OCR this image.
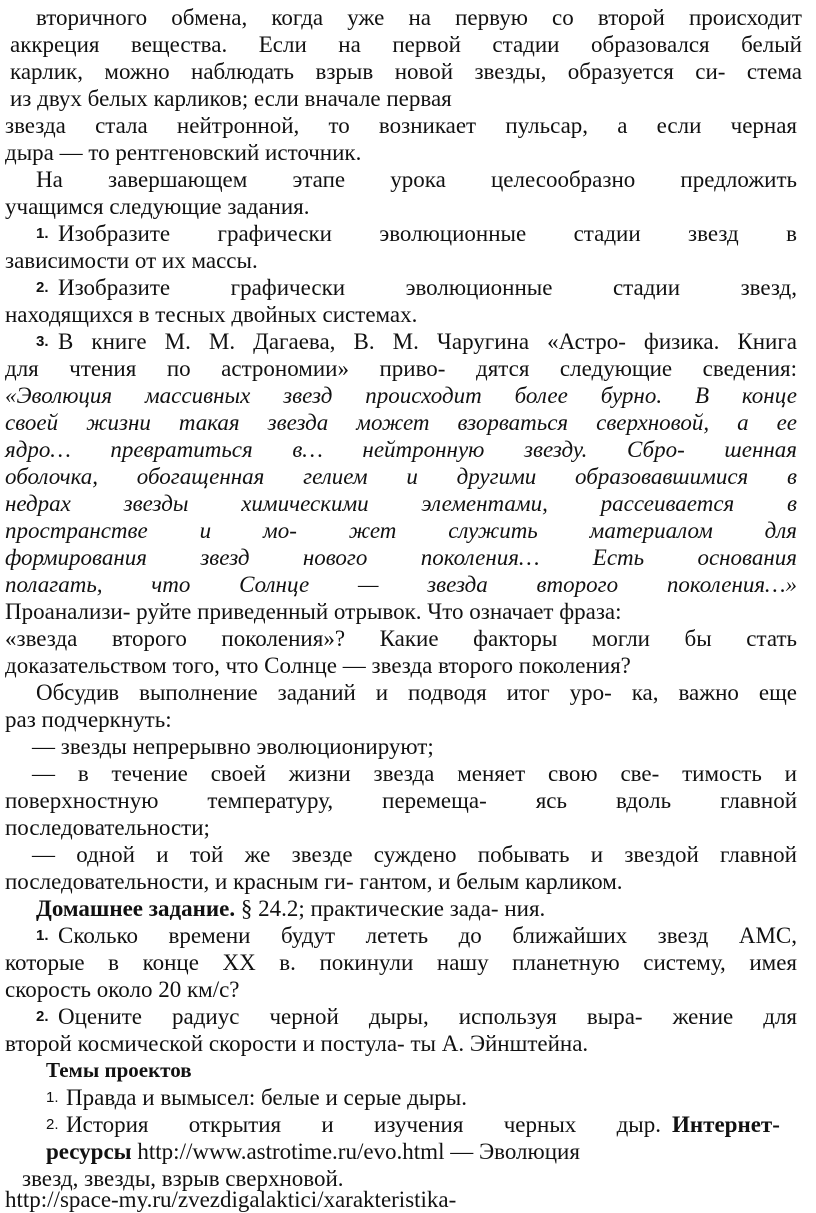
вторичного обмена, когда уже на первую со второй происходит
аккреция вещества. Если на первой стадии образовался белый
карлик, можно наблюдать взрыв новой звезды, образуется си- стема
из двух белых карликов; если вначале первая
звезда стала нейтронной, то возникает пульсар, а если черная
дыра — то рентгеновский источник.
На завершающем этапе урока целесообразно предложить
учащимся следующие задания.
1. Изобразите графически эволюционные стадии звезд в
зависимости от их массы.
2. Изобразите графически эволюционные стадии звезд,
находящихся в тесных двойных системах.
3. В книге М. М. Дагаева, В. М. Чаругина «Астро- физика. Книга
для чтения по астрономии» приво- дятся следующие сведения:
«Эволюция массивных звезд происходит более бурно. В конце
своей жизни такая звезда может взорваться сверхновой, а ее
ядро… превратиться в… нейтронную звезду. Сбро- шенная
оболочка, обогащенная гелием и другими образовавшимися в
недрах звезды химическими элементами, рассеивается в
пространстве и мо- жет служить материалом для
формирования звезд нового поколения… Есть основания
полагать, что Солнце — звезда второго поколения…»
Проанализи- руйте приведенный отрывок. Что означает фраза:
«звезда второго поколения»? Какие факторы могли бы стать
доказательством того, что Солнце — звезда второго поколения?
Обсудив выполнение заданий и подводя итог уро- ка, важно еще
раз подчеркнуть:
— звезды непрерывно эволюционируют;
— в течение своей жизни звезда меняет свою све- тимость и
поверхностную температуру, перемеща- ясь вдоль главной
последовательности;
— одной и той же звезде суждено побывать и звездой главной
последовательности, и красным ги- гантом, и белым карликом.
Домашнее задание. § 24.2; практические зада- ния.
1. Сколько времени будут лететь до ближайших звезд АМС,
которые в конце XX в. покинули нашу планетную систему, имея
скорость около 20 км/с?
2. Оцените радиус черной дыры, используя выра- жение для
второй космической скорости и постула- ты А. Эйнштейна.
Темы проектов
1. Правда и вымысел: белые и серые дыры.
2. История открытия и изучения черных дыр. Интернет-
ресурсы http://www.astrotime.ru/evo.html — Эволюция
звезд, звезды, взрыв сверхновой.
http://space-my.ru/zvezdigalaktici/xarakteristika-
